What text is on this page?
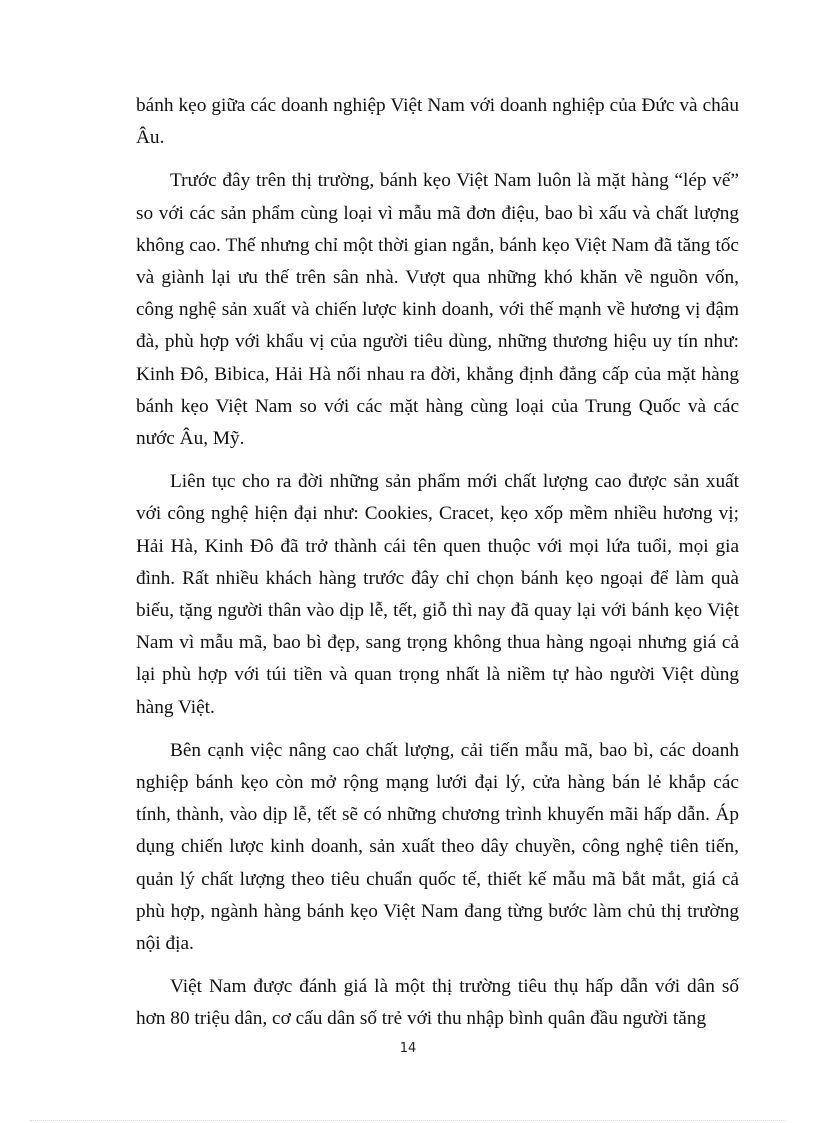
bánh kẹo giữa các doanh nghiệp Việt Nam với doanh nghiệp của Đức và châu Âu.

Trước đây trên thị trường, bánh kẹo Việt Nam luôn là mặt hàng “lép vế” so với các sản phẩm cùng loại vì mẫu mã đơn điệu, bao bì xấu và chất lượng không cao. Thế nhưng chỉ một thời gian ngắn, bánh kẹo Việt Nam đã tăng tốc và giành lại ưu thế trên sân nhà. Vượt qua những khó khăn về nguồn vốn, công nghệ sản xuất và chiến lược kinh doanh, với thế mạnh về hương vị đậm đà, phù hợp với khẩu vị của người tiêu dùng, những thương hiệu uy tín như: Kinh Đô, Bibica, Hải Hà nối nhau ra đời, khẳng định đẳng cấp của mặt hàng bánh kẹo Việt Nam so với các mặt hàng cùng loại của Trung Quốc và các nước Âu, Mỹ.

Liên tục cho ra đời những sản phẩm mới chất lượng cao được sản xuất với công nghệ hiện đại như: Cookies, Cracet, kẹo xốp mềm nhiều hương vị; Hải Hà, Kinh Đô đã trở thành cái tên quen thuộc với mọi lứa tuổi, mọi gia đình. Rất nhiều khách hàng trước đây chỉ chọn bánh kẹo ngoại để làm quà biếu, tặng người thân vào dịp lễ, tết, giỗ thì nay đã quay lại với bánh kẹo Việt Nam vì mẫu mã, bao bì đẹp, sang trọng không thua hàng ngoại nhưng giá cả lại phù hợp với túi tiền và quan trọng nhất là niềm tự hào người Việt dùng hàng Việt.

Bên cạnh việc nâng cao chất lượng, cải tiến mẫu mã, bao bì, các doanh nghiệp bánh kẹo còn mở rộng mạng lưới đại lý, cửa hàng bán lẻ khắp các tính, thành, vào dịp lễ, tết sẽ có những chương trình khuyến mãi hấp dẫn. Áp dụng chiến lược kinh doanh, sản xuất theo dây chuyền, công nghệ tiên tiến, quản lý chất lượng theo tiêu chuẩn quốc tế, thiết kế mẫu mã bắt mắt, giá cả phù hợp, ngành hàng bánh kẹo Việt Nam đang từng bước làm chủ thị trường nội địa.

Việt Nam được đánh giá là một thị trường tiêu thụ hấp dẫn với dân số hơn 80 triệu dân, cơ cấu dân số trẻ với thu nhập bình quân đầu người tăng

14
